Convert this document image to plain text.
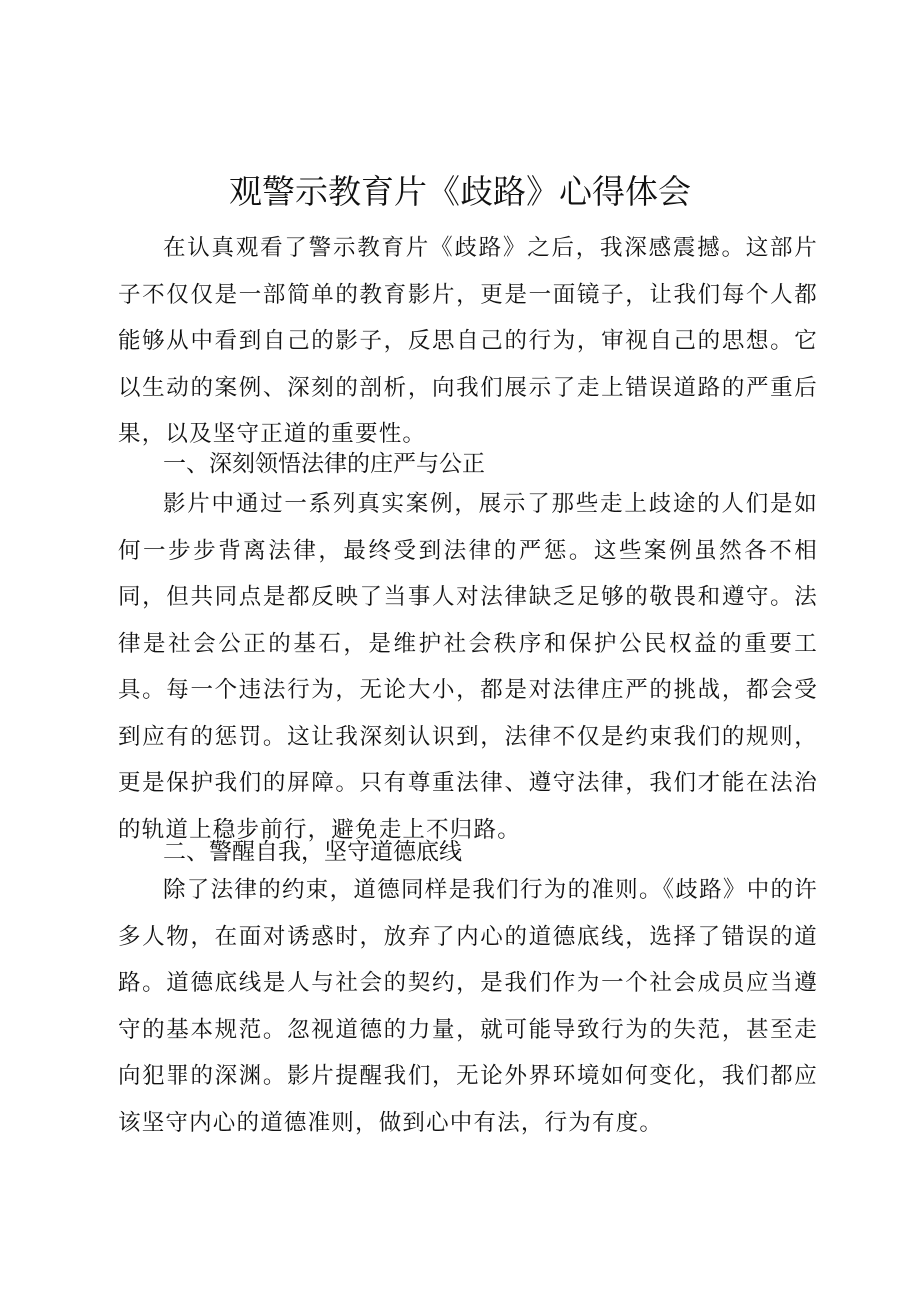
观警示教育片《歧路》心得体会

在认真观看了警示教育片《歧路》之后，我深感震撼。这部片子不仅仅是一部简单的教育影片，更是一面镜子，让我们每个人都能够从中看到自己的影子，反思自己的行为，审视自己的思想。它以生动的案例、深刻的剖析，向我们展示了走上错误道路的严重后果，以及坚守正道的重要性。

一、深刻领悟法律的庄严与公正

影片中通过一系列真实案例，展示了那些走上歧途的人们是如何一步步背离法律，最终受到法律的严惩。这些案例虽然各不相同，但共同点是都反映了当事人对法律缺乏足够的敬畏和遵守。法律是社会公正的基石，是维护社会秩序和保护公民权益的重要工具。每一个违法行为，无论大小，都是对法律庄严的挑战，都会受到应有的惩罚。这让我深刻认识到，法律不仅是约束我们的规则，更是保护我们的屏障。只有尊重法律、遵守法律，我们才能在法治的轨道上稳步前行，避免走上不归路。

二、警醒自我，坚守道德底线

除了法律的约束，道德同样是我们行为的准则。《歧路》中的许多人物，在面对诱惑时，放弃了内心的道德底线，选择了错误的道路。道德底线是人与社会的契约，是我们作为一个社会成员应当遵守的基本规范。忽视道德的力量，就可能导致行为的失范，甚至走向犯罪的深渊。影片提醒我们，无论外界环境如何变化，我们都应该坚守内心的道德准则，做到心中有法，行为有度。
